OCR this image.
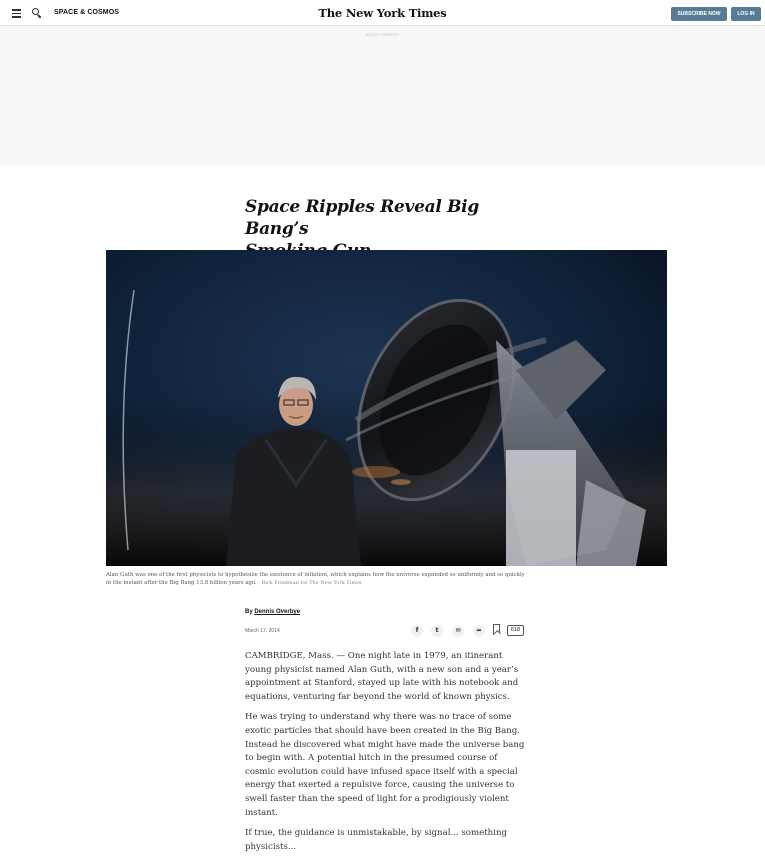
SPACE & COSMOS	The New York Times	SUBSCRIBE NOW	LOG IN
ADVERTISEMENT
Space Ripples Reveal Big Bang’s

Alan Guth was one of the first physicists to hypothesize the existence of inflation, which explains how the universe expanded so uniformly and so quickly in the instant after the Big Bang 13.8 billion years ago. Rick Friedman for The New York Times
By Dennis Overbye
March 17, 2014	f	t	✉	➦	618

CAMBRIDGE, Mass. — One night late in 1979, an itinerant young physicist named Alan Guth, with a new son and a year’s appointment at Stanford, stayed up late with his notebook and equations, venturing far beyond the world of known physics.

He was trying to understand why there was no trace of some exotic particles that should have been created in the Big Bang. Instead he discovered what might have made the universe bang to begin with. A potential hitch in the presumed course of cosmic evolution could have infused space itself with a special energy that exerted a repulsive force, causing the universe to swell faster than the speed of light for a prodigiously violent instant.

If true, the guidance is unmistakable, by signal... something physicists...
